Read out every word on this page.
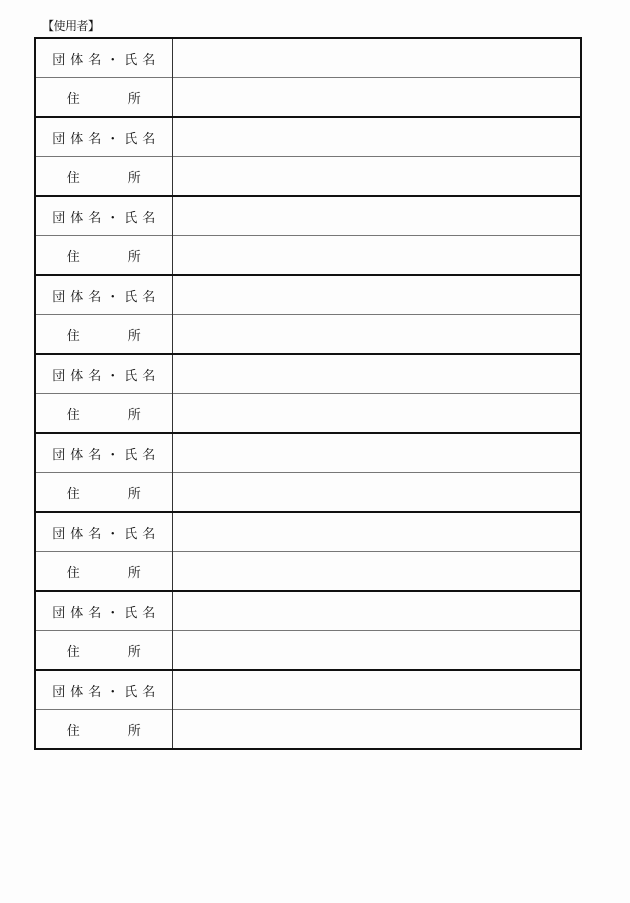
【使用者】
団体名・氏名	

住 所	

団体名・氏名	

住 所	

団体名・氏名	

住 所	

団体名・氏名	

住 所	

団体名・氏名	

住 所	

団体名・氏名	

住 所	

団体名・氏名	

住 所	

団体名・氏名	

住 所	

団体名・氏名	

住 所	
